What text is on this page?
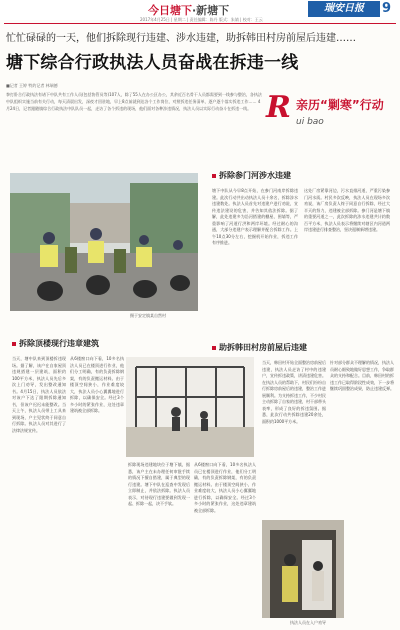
今日塘下·新塘下	瑞安日报	9
2017年4月25日 | 星期二 | 责任编辑：陈丹 版式：朱婧 | 校对：王云
忙忙碌碌的一天，他们拆除现行违建、涉水违建，助拆韩田村房前屋后违建……
塘下综合行政执法人员奋战在拆违一线
■记者 王婷 特约记者 林瑞德
拳打卧合行政执法有诸下中队共有工作人员(包括协管员等)107人，除了55人在办公区办公，其余近百名骨干人员都需要到一线参与整治，各执法中队组织实施当前有关行动，每天清晨出发，深夜才回驻地，早上8点前就到达各个工作岗位，对照拆违任务清单，逐户逐个落实拆违工作…… 4月24日，记者跟随镇综合行政执法中队队员一起，走访了各个拆违的现场，他们面对各种涉违情况，执法人员以实际行动奋斗在拆违一线。 R 亲历“剿寒”行动
ui bao
摄于安定镇某自然村
拆除参门河涉水违建
塘下中队从今早8点开始，在参门河南岸拆除违建。此次行动共出动执法人员十余名，拆除涉水违建数处。执法人员首先对违建户进行劝说，宣传违法建设的危害，并告知其依法拆除。据了解，此处违建多为沿河搭建的棚屋、围墙等，严重影响了河道行洪和两岸环境。经过耐心的沟通，大部分违建户表示理解并配合拆除工作。上午10点30分左右，挖掘机开始作业，拆违工作有序推进。
这处厂房紧靠河边，污水直排河道，严重污染参门河水质。村民多次反映，执法人员在现场多次劝说，该厂房负责人终于同意自行拆除，经过大半天的努力，违建被全部拆除。参门河是塘下镇的重要河道之一，此次拆除的涉水违建共计约数百平方米，执法人员表示将继续对辖区内河道两岸违建进行排查整治，坚决遏制新增违建。
助拆韩田村房前屋后违建
当天，韩田村开始全面整治房前屋后违建，执法人员走访了村中的违建户，宣传拆违政策，讲清违建危害。在执法人员的帮助下，村民们纷纷自行拆除房前屋后的违建，整治工作进展顺利。为支持拆违工作，不少村民主动拆除了自家的违建，村干部带头表率，形成了良好的拆违氛围。据悉，此次行动共拆除违建20余处，面积约1000平方米。
针对部分群众不理解的情况，执法人员耐心细致地做好思想工作，争取群众的支持和配合。目前，韩田村的拆违工作已取得阶段性成效，下一步将继续巩固整治成果，防止违建反弹。
拆除顶楼现行违章建筑
当天，塘中队来到顶楼拆违现场。据了解，该户在自家屋顶违规搭建一层建筑，面积约100平方米，执法人员先后多次上门劝导，发出整改通知书。4月15日，执法人员依法对该户下达了限期拆除通知书，但该户迟迟未能整改。当天上午，执法人员带上工具来到现场，户主见状终于同意自行拆除。执法人员对其进行了法律法规宣传。
从6楼窗口向下看，10多名执法人员已在楼顶进行作业，他们分工明确，有的负责拆除钢架，有的负责搬运材料。由于楼顶空间狭小，作业难度较大，执法人员小心翼翼地进行拆除，以确保安全。经过3个多小时的紧张作业，这处违章建筑被全部拆除。
拆除现场违建地块位于塘下镇，据悉，该户主在未办理任何审批手续的情况下擅自搭建，属于典型的现行违建。塘下中队在巡查中发现后立即制止，并依法拆除。执法人员表示，对待现行违建要做到发现一起、拆除一起，决不手软。
从6楼窗口向下看，10多名执法人员已在楼顶进行作业，他们分工明确，有的负责拆除钢架，有的负责搬运材料。由于楼顶空间狭小，作业难度较大，执法人员小心翼翼地进行拆除，以确保安全。经过3个多小时的紧张作业，这处违章建筑被全部拆除。
执法人员在入户劝导
